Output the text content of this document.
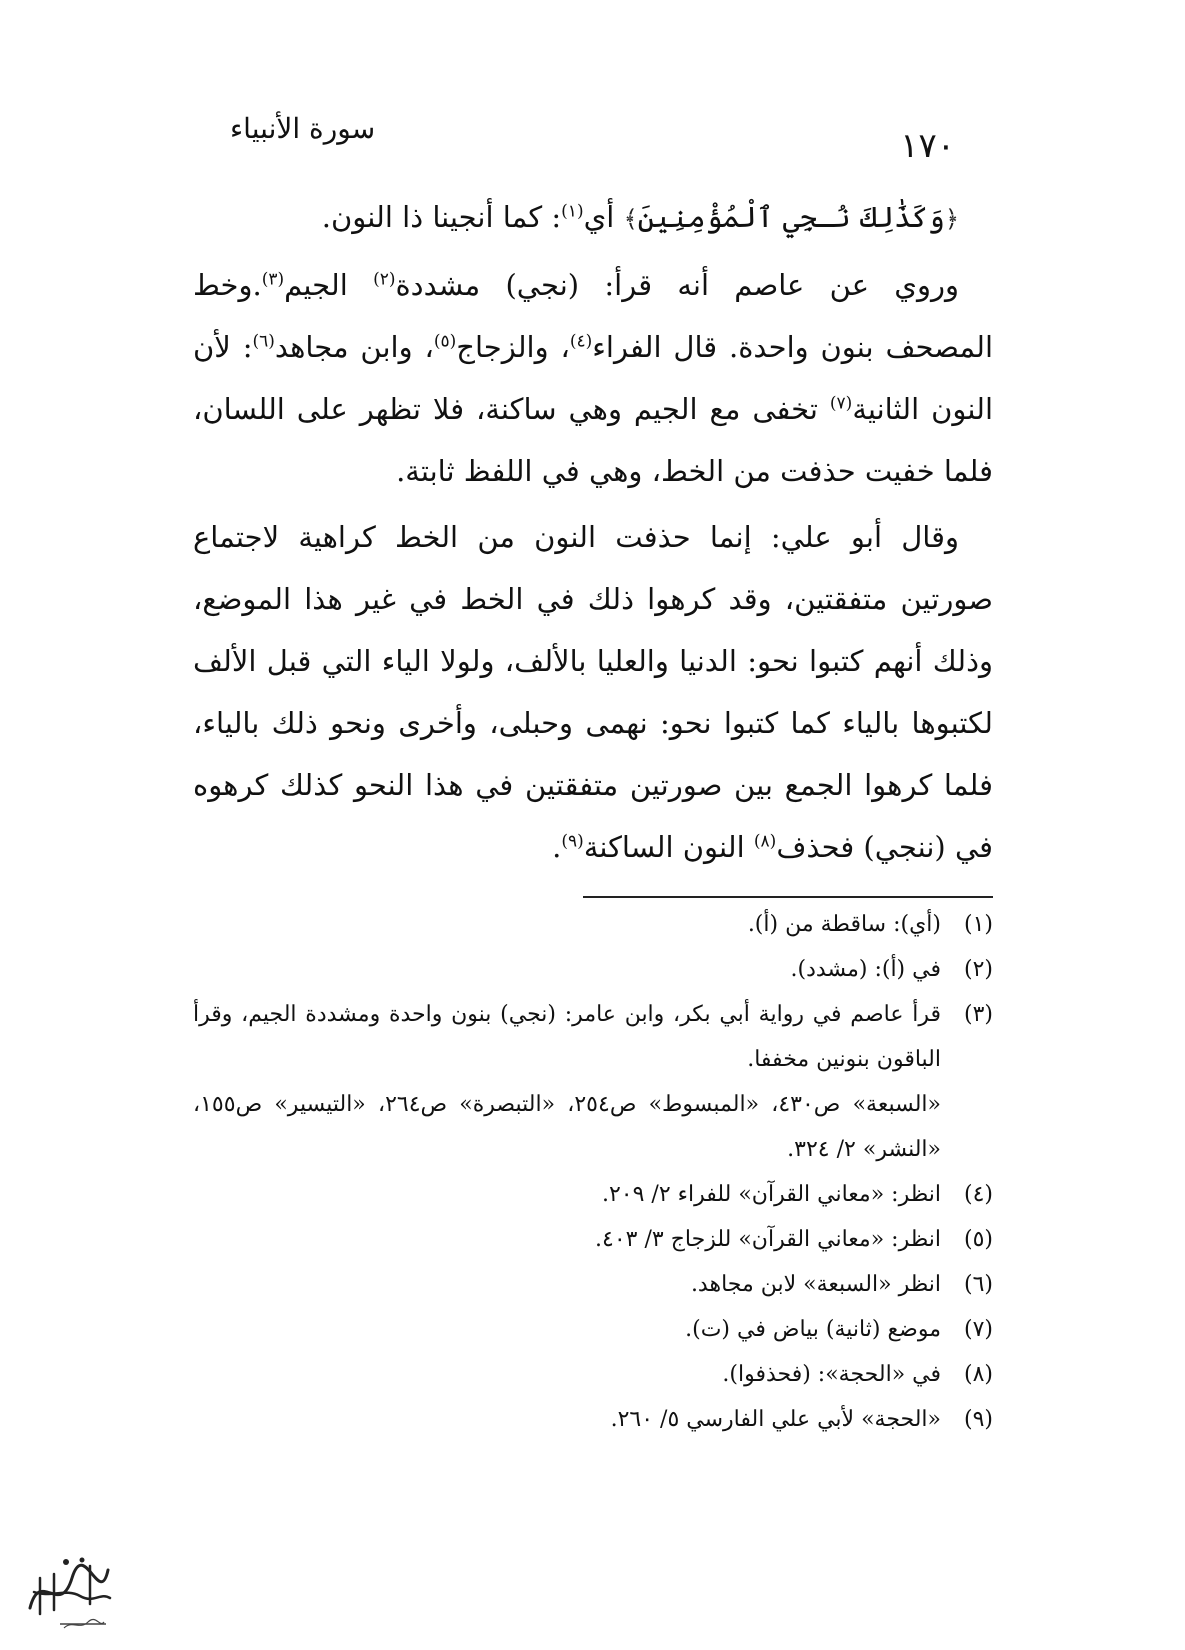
١٧٠
سورة الأنبياء

﴿وَكَذَٰلِكَ نُـجِي ٱلْمُؤْمِنِينَ﴾ أي$^{(١)}$: كما أنجينا ذا النون.

وروي عن عاصم أنه قرأ: (نجي) مشددة$^{(٢)}$ الجيم$^{(٣)}$.وخط المصحف بنون واحدة. قال الفراء$^{(٤)}$، والزجاج$^{(٥)}$، وابن مجاهد$^{(٦)}$: لأن النون الثانية$^{(٧)}$ تخفى مع الجيم وهي ساكنة، فلا تظهر على اللسان، فلما خفيت حذفت من الخط، وهي في اللفظ ثابتة.

وقال أبو علي: إنما حذفت النون من الخط كراهية لاجتماع صورتين متفقتين، وقد كرهوا ذلك في الخط في غير هذا الموضع، وذلك أنهم كتبوا نحو: الدنيا والعليا بالألف، ولولا الياء التي قبل الألف لكتبوها بالياء كما كتبوا نحو: نهمى وحبلى، وأخرى ونحو ذلك بالياء، فلما كرهوا الجمع بين صورتين متفقتين في هذا النحو كذلك كرهوه في (ننجي) فحذف$^{(٨)}$ النون الساكنة$^{(٩)}$.

(١)
(أي): ساقطة من (أ).
(٢)
في (أ): (مشدد).
(٣)
قرأ عاصم في رواية أبي بكر، وابن عامر: (نجي) بنون واحدة ومشددة الجيم، وقرأ الباقون بنونين مخففا.
«السبعة» ص٤٣٠، «المبسوط» ص٢٥٤، «التبصرة» ص٢٦٤، «التيسير» ص١٥٥، «النشر» ٢/ ٣٢٤.
(٤)
انظر: «معاني القرآن» للفراء ٢/ ٢٠٩.
(٥)
انظر: «معاني القرآن» للزجاج ٣/ ٤٠٣.
(٦)
انظر «السبعة» لابن مجاهد.
(٧)
موضع (ثانية) بياض في (ت).
(٨)
في «الحجة»: (فحذفوا).
(٩)
«الحجة» لأبي علي الفارسي ٥/ ٢٦٠.
